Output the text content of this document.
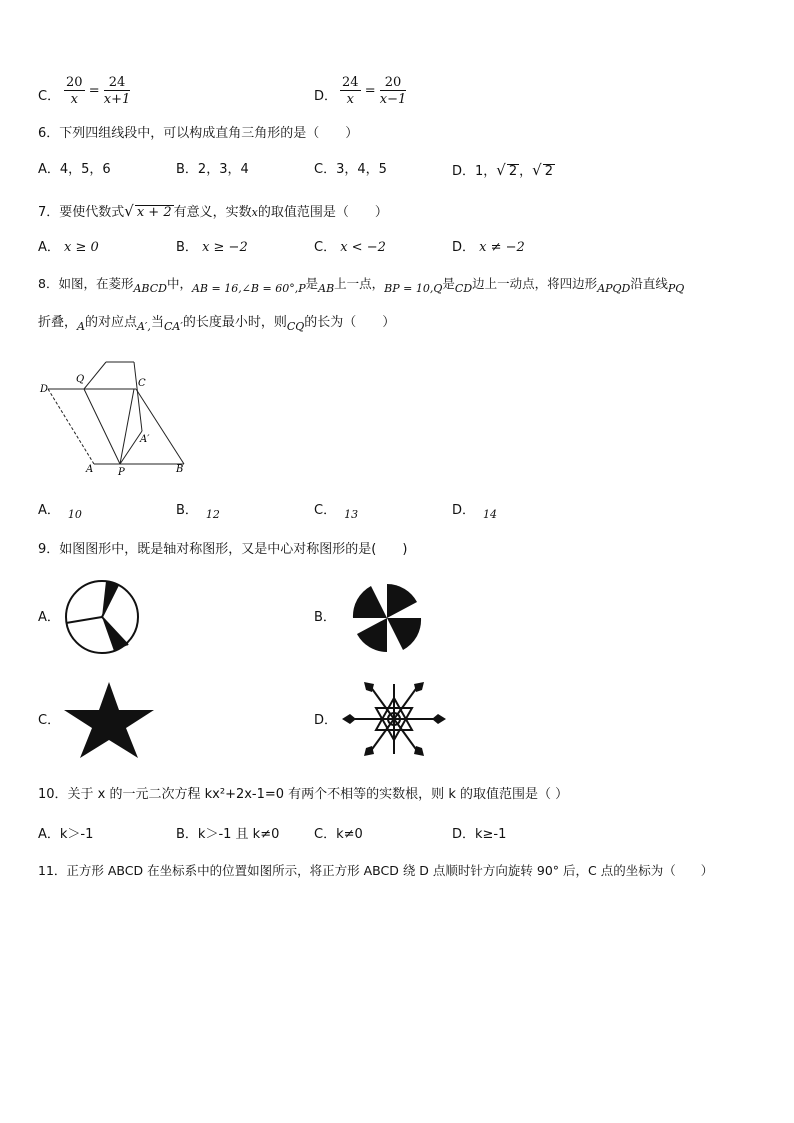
C． $\frac{20}{x} = \frac{24}{x+1}$	D． $\frac{24}{x} = \frac{20}{x-1}$
6．下列四组线段中，可以构成直角三角形的是（　　）
A．4，5，6	B．2，3，4	C．3，4，5	D．1，√ 2 ，√ 2
7．要使代数式√ x + 2 有意义，实数x的取值范围是（　　）
A． x ≥ 0	B． x ≥ −2	C． x < −2	D． x ≠ −2
8．如图，在菱形ABCD中，AB = 16,∠B = 60°,P是AB上一点，BP = 10,Q是CD边上一动点，将四边形APQD沿直线PQ
折叠，$_A$的对应点$_{A',}$当$_{CA'}$的长度最小时，则$_{CQ}$的长为（　　）
D
Q	C
A P	B
A′
A． $_{10}$	B． $_{12}$	C． $_{13}$	D． $_{14}$
9．如图图形中，既是轴对称图形，又是中心对称图形的是(　　)
A．	B．
C．	D．
10．关于 x 的一元二次方程 kx²+2x-1=0 有两个不相等的实数根，则 k 的取值范围是（ ）
A．k＞-1	B．k＞-1 且 k≠0	C．k≠0	D．k≥-1
11．正方形 ABCD 在坐标系中的位置如图所示，将正方形 ABCD 绕 D 点顺时针方向旋转 90° 后，C 点的坐标为（　　）
